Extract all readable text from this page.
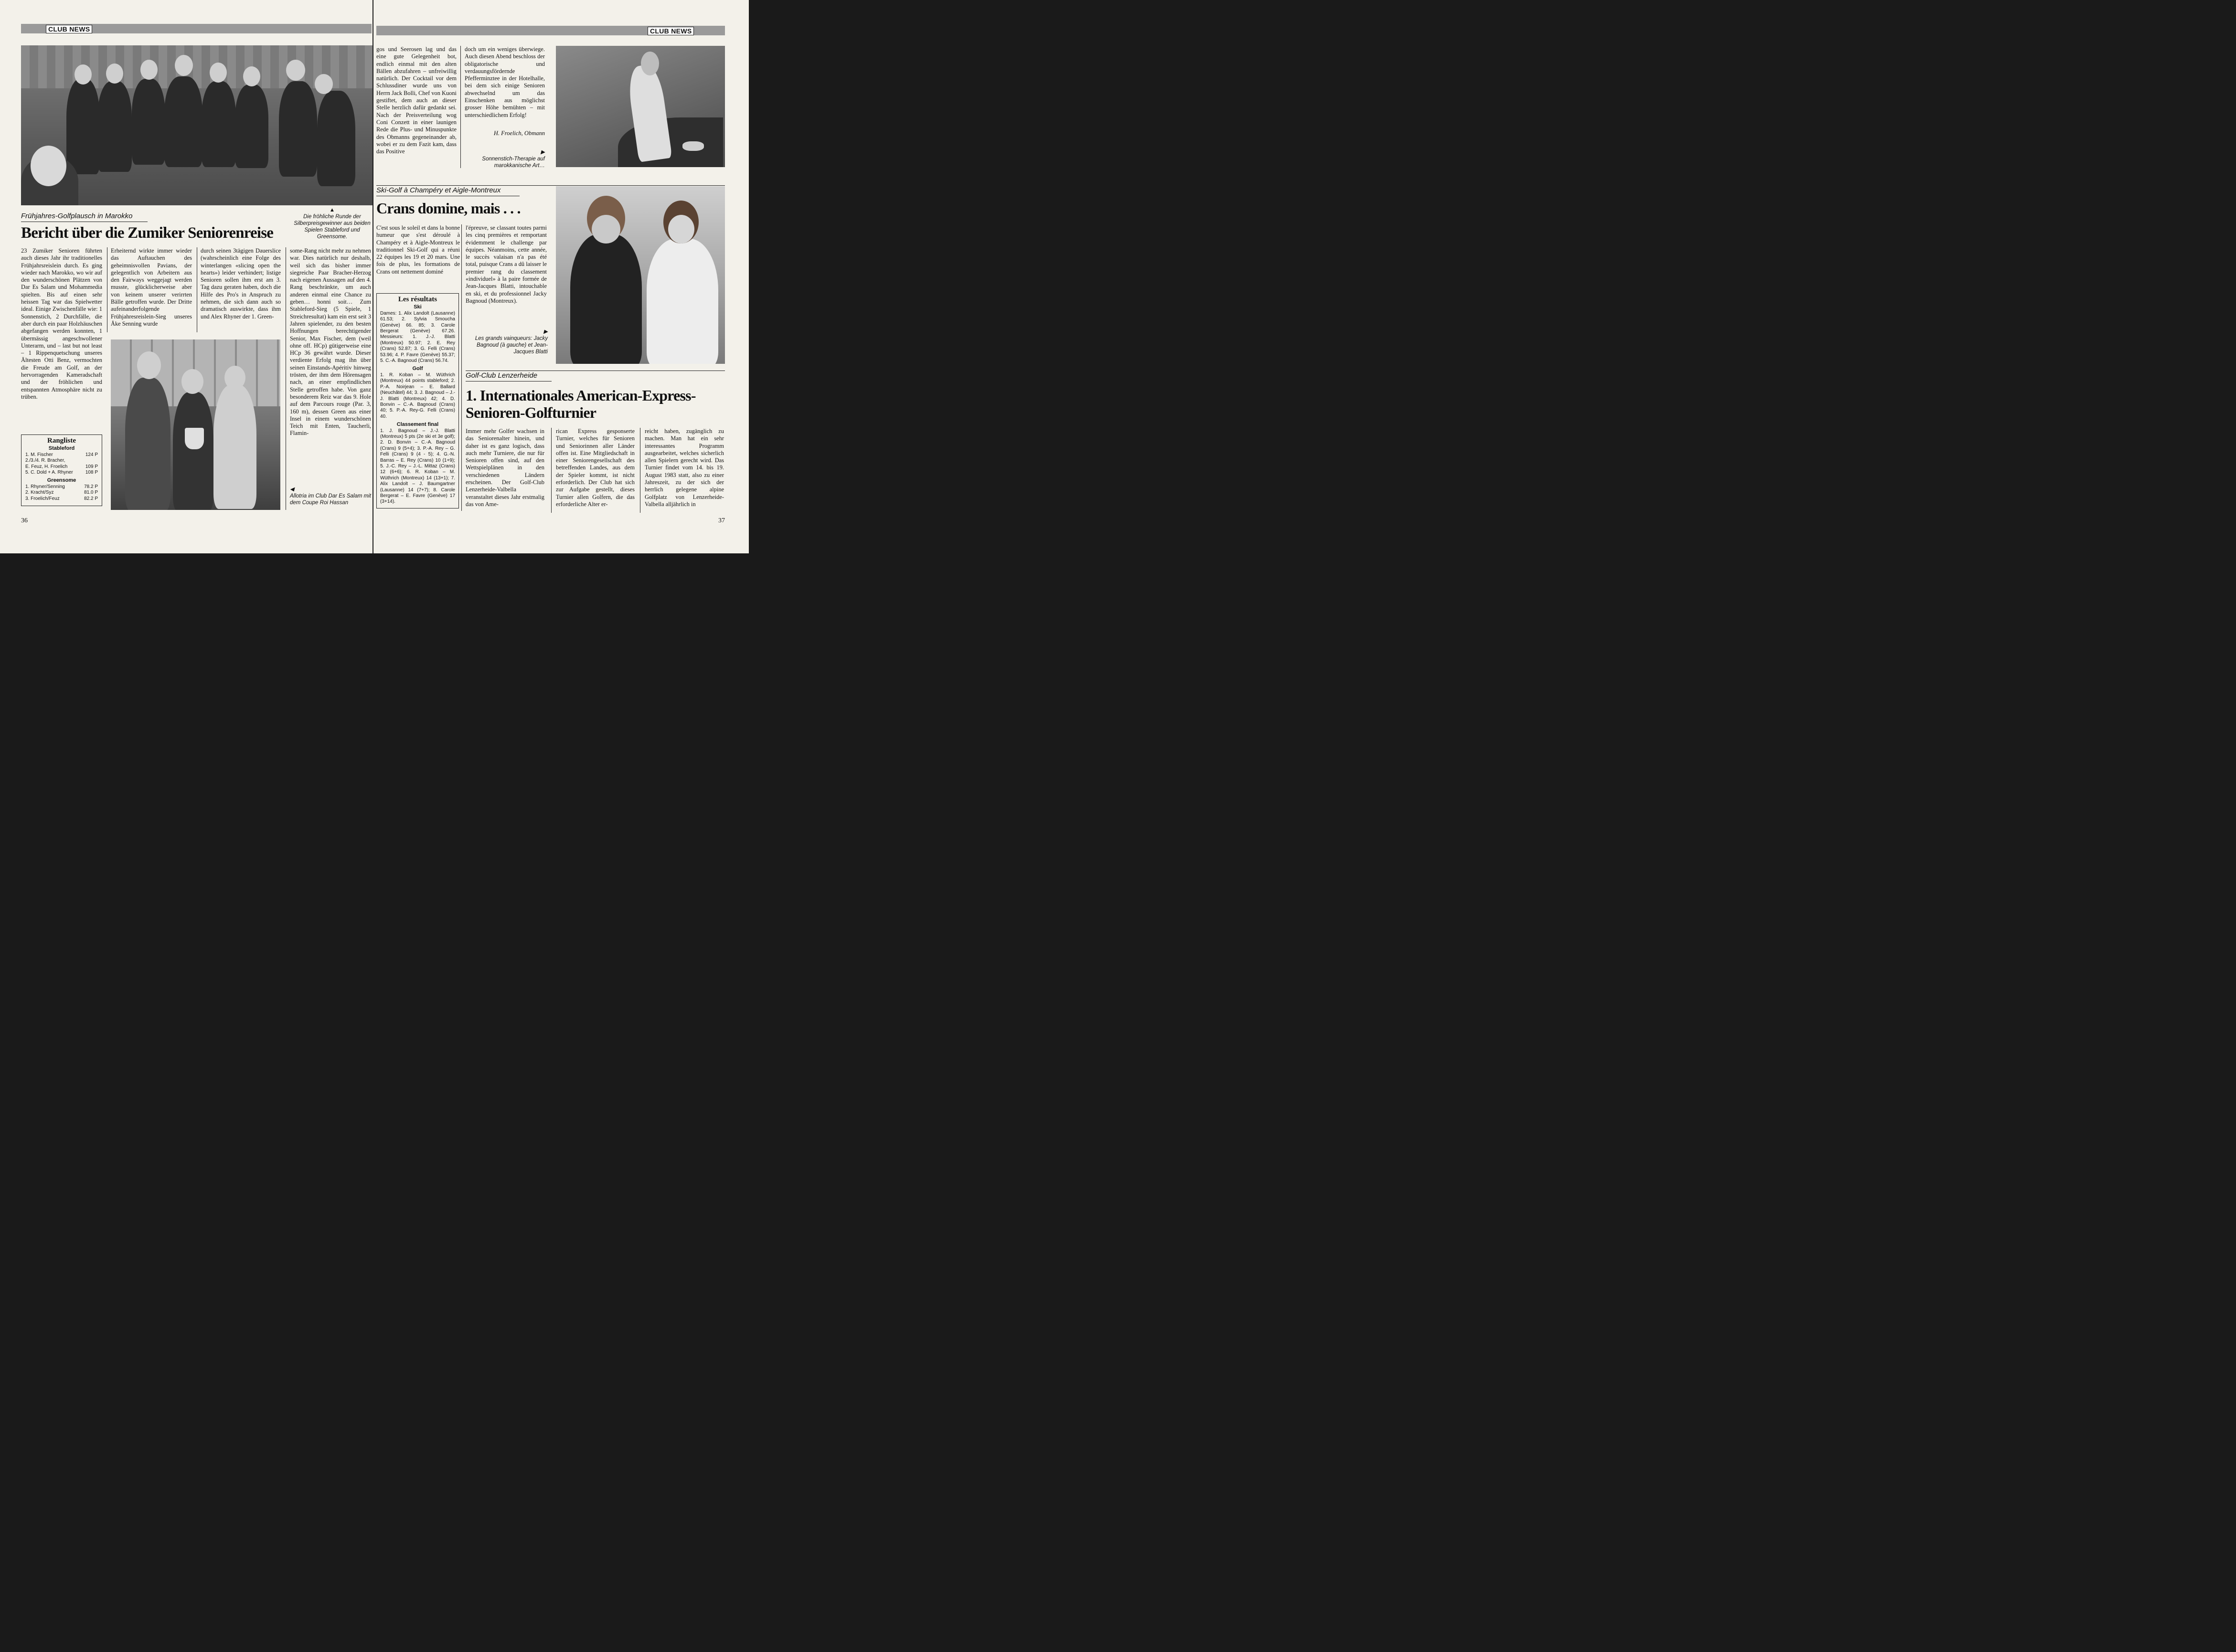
CLUB NEWS
Frühjahres-Golfplausch in Marokko
Bericht über die Zumiker Seniorenreise
▲
Die fröhliche Runde der Silberpreisgewinner aus beiden Spielen Stableford und Greensome.
23 Zumiker Senioren führten auch dieses Jahr ihr traditionelles Frühjahrsreislein durch. Es ging wieder nach Marokko, wo wir auf den wunderschönen Plätzen von Dar Es Salam und Mohammedia spielten. Bis auf einen sehr heissen Tag war das Spielwetter ideal. Einige Zwischenfälle wie: 1 Sonnenstich, 2 Durchfälle, die aber durch ein paar Holzhäuschen abgefangen werden konnten, 1 übermässig angeschwollener Unterarm, und – last but not least – 1 Rippenquetschung unseres Ältesten Otti Benz, vermochten die Freude am Golf, an der hervorragenden Kameradschaft und der fröhlichen und entspannten Atmosphäre nicht zu trüben.
Erheiternd wirkte immer wieder das Auftauchen des geheimnisvollen Pavians, der gelegentlich von Arbeitern aus den Fairways weggejagt werden musste, glücklicherweise aber von keinem unserer verirrten Bälle getroffen wurde. Der Dritte aufeinanderfolgende Frühjahresreislein-Sieg unseres Åke Senning wurde
durch seinen 3tägigen Dauerslice (wahrscheinlich eine Folge des winterlangen «slicing open the hearts») leider verhindert; listige Senioren sollen ihm erst am 3. Tag dazu geraten haben, doch die Hilfe des Pro's in Anspruch zu nehmen, die sich dann auch so dramatisch auswirkte, dass ihm und Alex Rhyner der 1. Green-
some-Rang nicht mehr zu nehmen war. Dies natürlich nur deshalb, weil sich das bisher immer siegreiche Paar Bracher-Herzog nach eigenen Aussagen auf den 4. Rang beschränkte, um auch anderen einmal eine Chance zu geben… honni soit… Zum Stableford-Sieg (5 Spiele, 1 Streichresultat) kam ein erst seit 3 Jahren spielender, zu den besten Hoffnungen berechtigender Senior, Max Fischer, dem (weil ohne off. HCp) gütigerweise eine HCp 36 gewährt wurde. Dieser verdiente Erfolg mag ihn über seinen Einstands-Apéritiv hinweg trösten, der ihm dem Hörensagen nach, an einer empfindlichen Stelle getroffen habe. Von ganz besonderem Reiz war das 9. Hole auf dem Parcours rouge (Par. 3, 160 m), dessen Green aus einer Insel in einem wunderschönen Teich mit Enten, Taucherli, Flamin-
Rangliste
Stableford
1. M. Fischer	124 P
2./3./4. R. Bracher,
E. Feuz, H. Froelich	109 P
5. C. Dold + A. Rhyner	108 P
Greensome
1. Rhyner/Senning	78.2 P
2. Kracht/Syz	81.0 P
3. Froelich/Feuz	82.2 P
◀
Allotria im Club Dar Es Salam mit dem Coupe Roi Hassan
36
CLUB NEWS
gos und Seerosen lag und das eine gute Gelegenheit bot, endlich einmal mit den alten Bällen abzufahren – unfreiwillig natürlich. Der Cocktail vor dem Schlussdiner wurde uns von Herrn Jack Bolli, Chef von Kuoni gestiftet, dem auch an dieser Stelle herzlich dafür gedankt sei. Nach der Preisverteilung wog Coni Conzett in einer launigen Rede die Plus- und Minuspunkte des Obmanns gegeneinander ab, wobei er zu dem Fazit kam, dass das Positive
doch um ein weniges überwiege. Auch diesen Abend beschloss der obligatorische und verdauungsfördernde Pfefferminztee in der Hotelhalle, bei dem sich einige Senioren abwechselnd um das Einschenken aus möglichst grosser Höhe bemühten – mit unterschiedlichem Erfolg!
H. Froelich, Obmann
▶
Sonnenstich-Therapie auf marokkanische Art…
Ski-Golf à Champéry et Aigle-Montreux
Crans domine, mais . . .
C'est sous le soleil et dans la bonne humeur que s'est déroulé à Champéry et à Aigle-Montreux le traditionnel Ski-Golf qui a réuni 22 équipes les 19 et 20 mars. Une fois de plus, les formations de Crans ont nettement dominé
l'épreuve, se classant toutes parmi les cinq premières et remportant évidemment le challenge par équipes. Néanmoins, cette année, le succès valaisan n'a pas été total, puisque Crans a dû laisser le premier rang du classement «individuel» à la paire formée de Jean-Jacques Blatti, intouchable en ski, et du professionnel Jacky Bagnoud (Montreux).
▶
Les grands vainqueurs: Jacky Bagnoud (à gauche) et Jean-Jacques Blatti
Les résultats
Ski
Dames: 1. Alix Landolt (Lausanne) 61.53; 2. Sylvia Smoucha (Genève) 66. 85; 3. Carole Bergerat (Genève) 67.26. Messieurs: 1. J.-J. Blatti (Montreux) 50.97; 2. E. Rey (Crans) 52.87; 3. G. Felli (Crans) 53.96; 4. P. Favre (Genève) 55.37; 5. C.-A. Bagnoud (Crans) 56.74.
Golf
1. R. Koban – M. Wüthrich (Montreux) 44 points stableford; 2. P.-A. Noirjean – E. Ballard (Neuchâtel) 44; 3. J. Bagnoud – J.-J. Blatti (Montreux) 42; 4. D. Bonvin – C.-A. Bagnoud (Crans) 40; 5. P.-A. Rey-G. Felli (Crans) 40.
Classement final
1. J. Bagnoud – J.-J. Blatti (Montreux) 5 pts (2e ski et 3e golf); 2. D. Bonvin – C.-A. Bagnoud (Crans) 9 (5+4); 3. P.-A. Rey – G. Felli (Crans) 9 (4 - 5); 4. G.-N. Barras – E. Rey (Crans) 10 (1+9); 5. J.-C. Rey – J.-L. Mittaz (Crans) 12 (6+6); 6. R. Koban – M. Wüthrich (Montreux) 14 (13+1); 7. Alix Landolt – J. Baumgartner (Lausanne) 14 (7+7); 8. Carole Bergerat – E. Favre (Genève) 17 (3+14).
Golf-Club Lenzerheide
1. Internationales American-Express-
Senioren-Golfturnier
Immer mehr Golfer wachsen in das Seniorenalter hinein, und daher ist es ganz logisch, dass auch mehr Turniere, die nur für Senioren offen sind, auf den Wettspielplänen in den verschiedenen Ländern erscheinen. Der Golf-Club Lenzerheide-Valbella veranstaltet dieses Jahr erstmalig das von Ame-
rican Express gesponserte Turnier, welches für Senioren und Seniorinnen aller Länder offen ist. Eine Mitgliedschaft in einer Seniorengesellschaft des betreffenden Landes, aus dem der Spieler kommt, ist nicht erforderlich. Der Club hat sich zur Aufgabe gestellt, dieses Turnier allen Golfern, die das erforderliche Alter er-
reicht haben, zugänglich zu machen. Man hat ein sehr interessantes Programm ausgearbeitet, welches sicherlich allen Spielern gerecht wird. Das Turnier findet vom 14. bis 19. August 1983 statt, also zu einer Jahreszeit, zu der sich der herrlich gelegene alpine Golfplatz von Lenzerheide-Valbella alljährlich in
37
